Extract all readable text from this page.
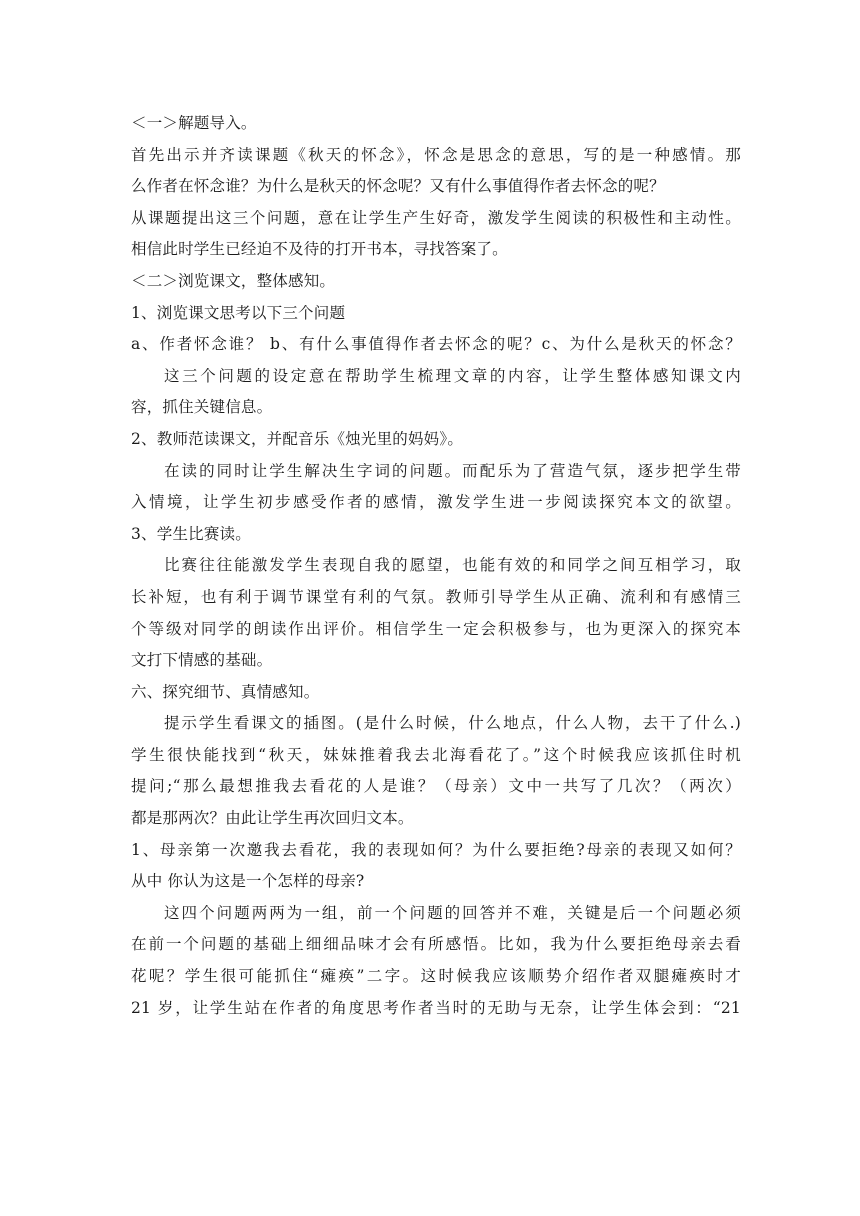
＜一＞解题导入。
首先出示并齐读课题《秋天的怀念》，怀念是思念的意思，写的是一种感情。那
么作者在怀念谁？为什么是秋天的怀念呢？又有什么事值得作者去怀念的呢？
从课题提出这三个问题，意在让学生产生好奇，激发学生阅读的积极性和主动性。
相信此时学生已经迫不及待的打开书本，寻找答案了。
＜二＞浏览课文，整体感知。
1、浏览课文思考以下三个问题
a、作者怀念谁？ b、有什么事值得作者去怀念的呢？c、为什么是秋天的怀念？
这三个问题的设定意在帮助学生梳理文章的内容，让学生整体感知课文内
容，抓住关键信息。
2、教师范读课文，并配音乐《烛光里的妈妈》。
在读的同时让学生解决生字词的问题。而配乐为了营造气氛，逐步把学生带
入情境，让学生初步感受作者的感情，激发学生进一步阅读探究本文的欲望。
3、学生比赛读。
比赛往往能激发学生表现自我的愿望，也能有效的和同学之间互相学习，取
长补短，也有利于调节课堂有利的气氛。教师引导学生从正确、流利和有感情三
个等级对同学的朗读作出评价。相信学生一定会积极参与，也为更深入的探究本
文打下情感的基础。
六、探究细节、真情感知。
提示学生看课文的插图。(是什么时候，什么地点，什么人物，去干了什么.)
学生很快能找到“秋天，妹妹推着我去北海看花了。”这个时候我应该抓住时机
提问;“那么最想推我去看花的人是谁？（母亲）文中一共写了几次？（两次）
都是那两次？由此让学生再次回归文本。
1、母亲第一次邀我去看花，我的表现如何？为什么要拒绝?母亲的表现又如何？
从中 你认为这是一个怎样的母亲?
这四个问题两两为一组，前一个问题的回答并不难，关键是后一个问题必须
在前一个问题的基础上细细品味才会有所感悟。比如，我为什么要拒绝母亲去看
花呢？学生很可能抓住“瘫痪”二字。这时候我应该顺势介绍作者双腿瘫痪时才
21 岁，让学生站在作者的角度思考作者当时的无助与无奈，让学生体会到：“21
